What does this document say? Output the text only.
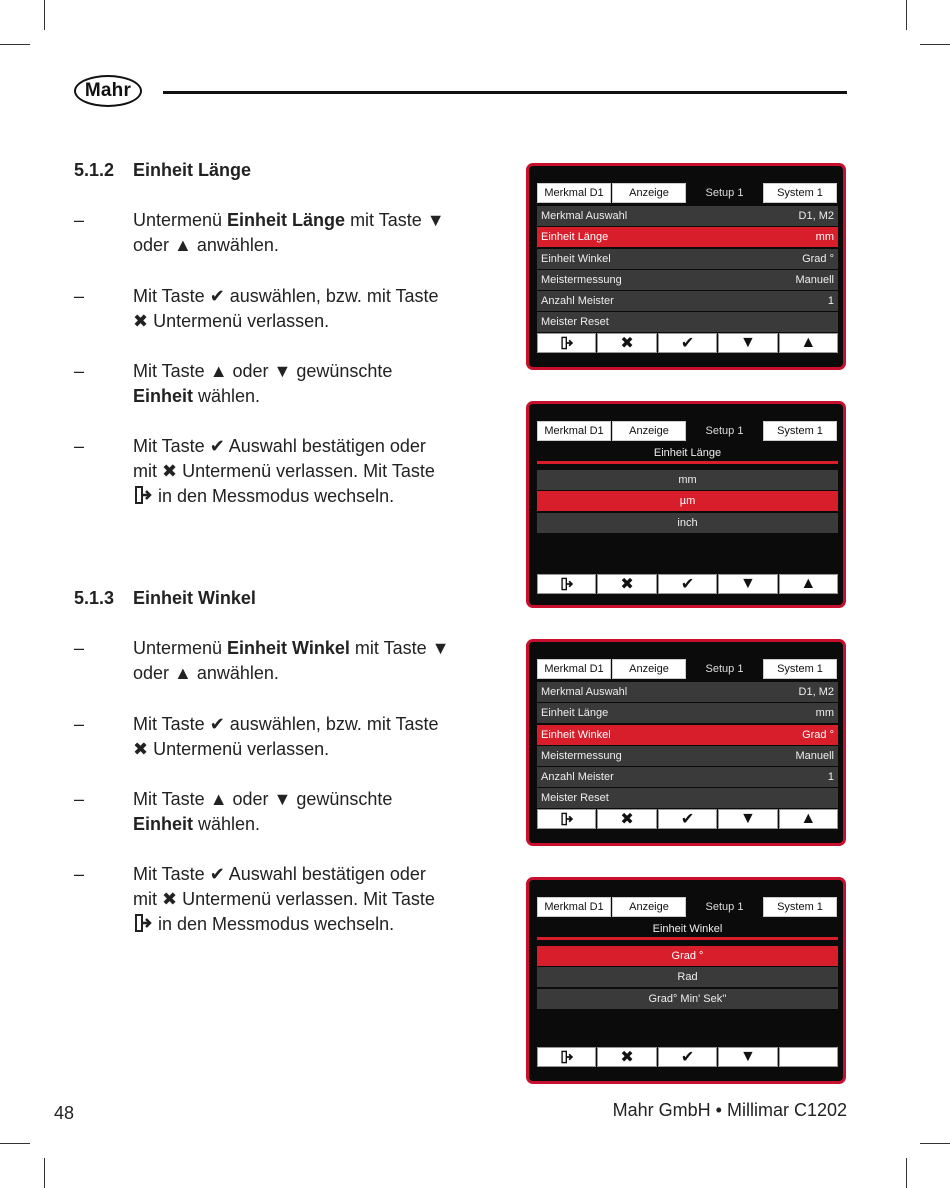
Mahr
5.1.2 Einheit Länge
–	Untermenü Einheit Länge mit Taste ▼ oder ▲ anwählen.
–	Mit Taste ✔ auswählen, bzw. mit Taste ✖ Untermenü verlassen.
–	Mit Taste ▲ oder ▼ gewünschte Einheit wählen.
–	Mit Taste ✔ Auswahl bestätigen oder mit ✖ Untermenü verlassen. Mit Taste  in den Messmodus wechseln.
5.1.3 Einheit Winkel
–	Untermenü Einheit Winkel mit Taste ▼ oder ▲ anwählen.
–	Mit Taste ✔ auswählen, bzw. mit Taste ✖ Untermenü verlassen.
–	Mit Taste ▲ oder ▼ gewünschte Einheit wählen.
–	Mit Taste ✔ Auswahl bestätigen oder mit ✖ Untermenü verlassen. Mit Taste  in den Messmodus wechseln.
Merkmal D1	Anzeige	Setup 1	System 1
Merkmal Auswahl	D1, M2
Einheit Länge	mm
Einheit Winkel	Grad °
Meistermessung	Manuell
Anzahl Meister	1
Meister Reset
✖	✔	▼	▲
Merkmal D1	Anzeige	Setup 1	System 1
Einheit Länge
mm
µm
inch
✖	✔	▼	▲
Merkmal D1	Anzeige	Setup 1	System 1
Merkmal Auswahl	D1, M2
Einheit Länge	mm
Einheit Winkel	Grad °
Meistermessung	Manuell
Anzahl Meister	1
Meister Reset
✖	✔	▼	▲
Merkmal D1	Anzeige	Setup 1	System 1
Einheit Winkel
Grad °
Rad
Grad° Min' Sek''
✖	✔	▼
48	Mahr GmbH • Millimar C1202
